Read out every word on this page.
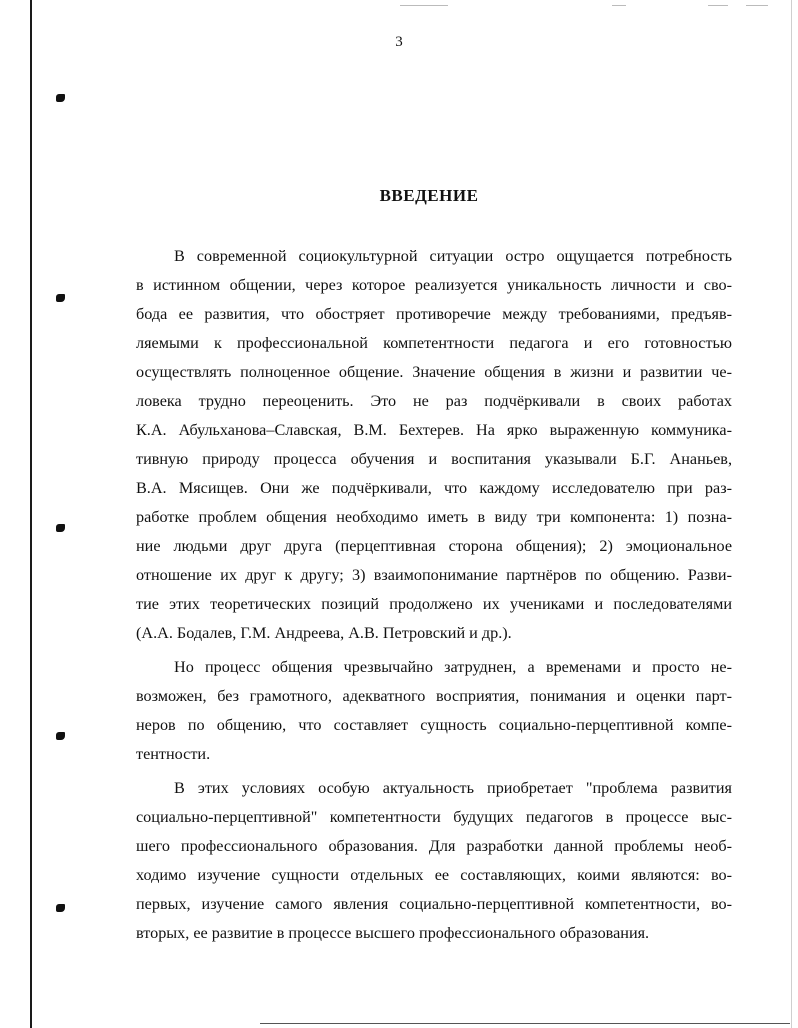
3
ВВЕДЕНИЕ
В современной социокультурной ситуации остро ощущается потребность
в истинном общении, через которое реализуется уникальность личности и сво-
бода ее развития, что обостряет противоречие между требованиями, предъяв-
ляемыми к профессиональной компетентности педагога и его готовностью
осуществлять полноценное общение. Значение общения в жизни и развитии че-
ловека трудно переоценить. Это не раз подчёркивали в своих работах
К.А. Абульханова–Славская, В.М. Бехтерев. На ярко выраженную коммуника-
тивную природу процесса обучения и воспитания указывали Б.Г. Ананьев,
В.А. Мясищев. Они же подчёркивали, что каждому исследователю при раз-
работке проблем общения необходимо иметь в виду три компонента: 1) позна-
ние людьми друг друга (перцептивная сторона общения); 2) эмоциональное
отношение их друг к другу; 3) взаимопонимание партнёров по общению. Разви-
тие этих теоретических позиций продолжено их учениками и последователями
(А.А. Бодалев, Г.М. Андреева, А.В. Петровский и др.).
Но процесс общения чрезвычайно затруднен, а временами и просто не-
возможен, без грамотного, адекватного восприятия, понимания и оценки парт-
неров по общению, что составляет сущность социально-перцептивной компе-
тентности.
В этих условиях особую актуальность приобретает "проблема развития
социально-перцептивной" компетентности будущих педагогов в процессе выс-
шего профессионального образования. Для разработки данной проблемы необ-
ходимо изучение сущности отдельных ее составляющих, коими являются: во-
первых, изучение самого явления социально-перцептивной компетентности, во-
вторых, ее развитие в процессе высшего профессионального образования.
